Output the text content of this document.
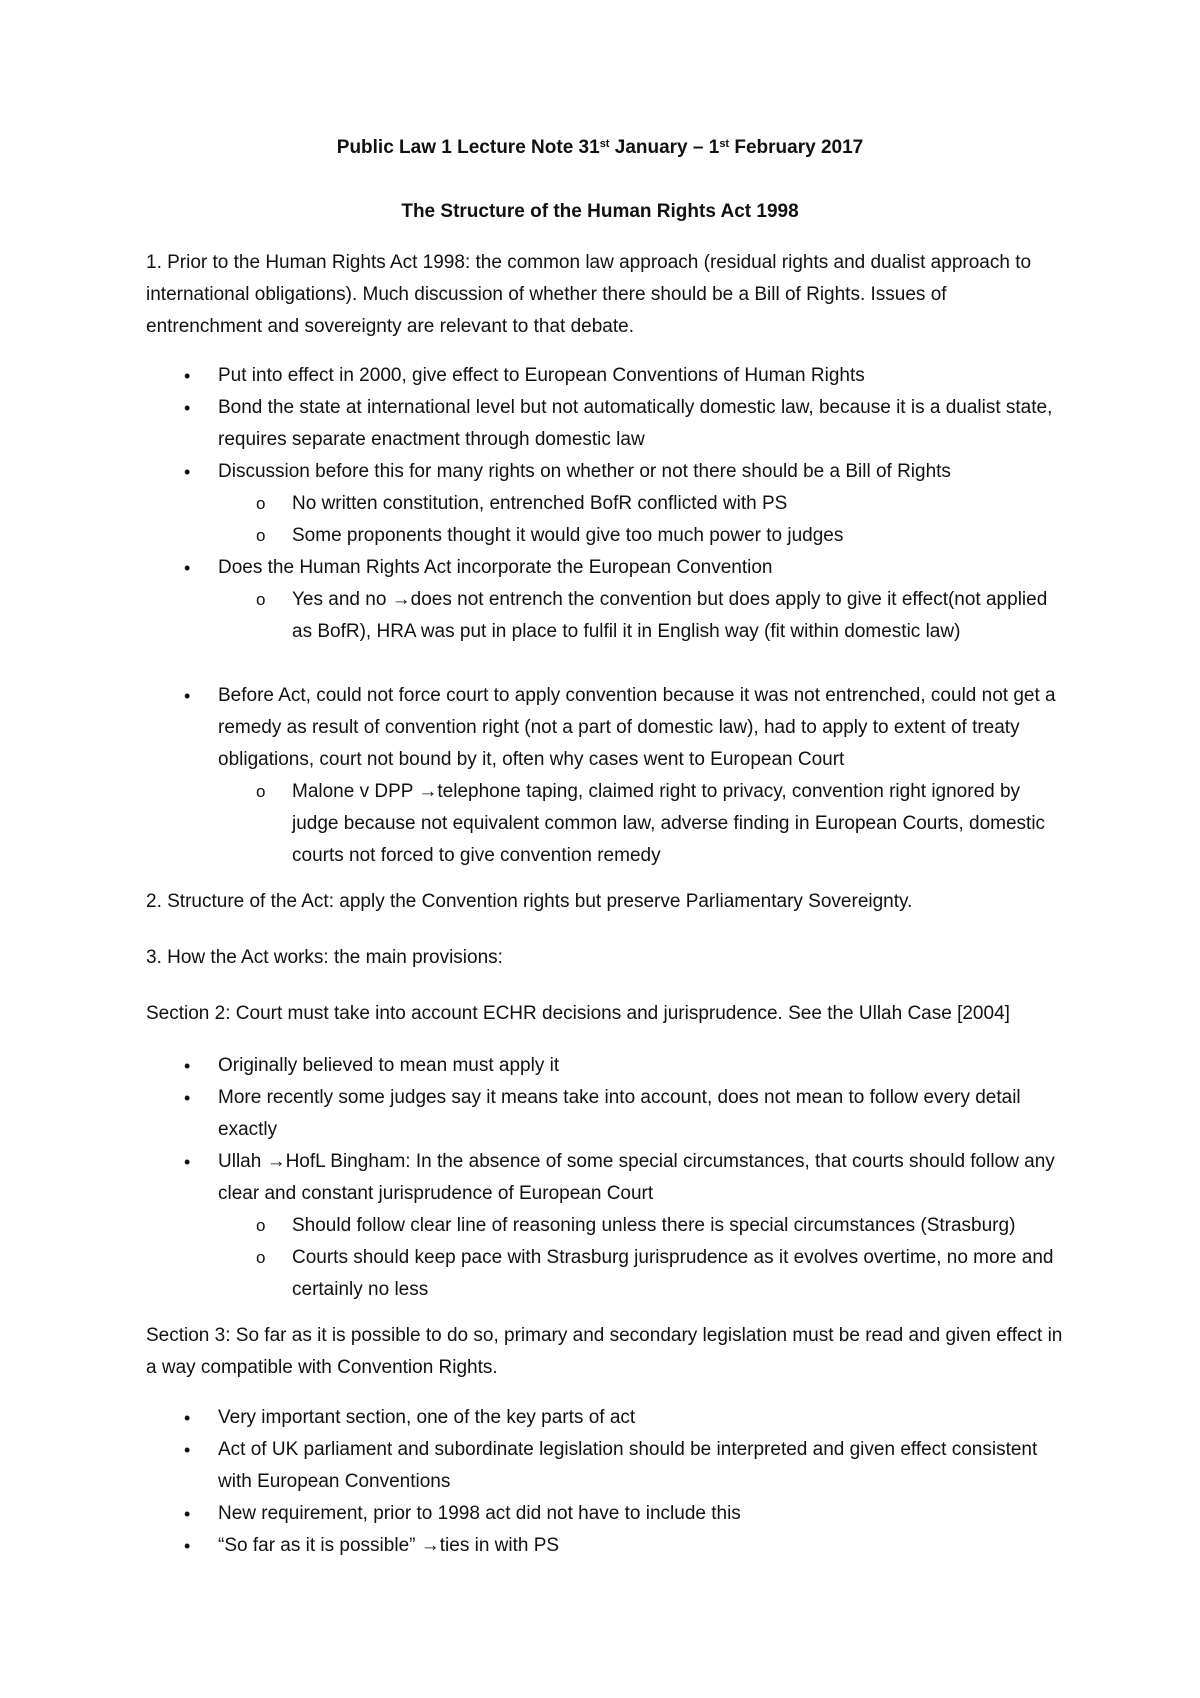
Public Law 1 Lecture Note 31st January – 1st February 2017
The Structure of the Human Rights Act 1998

1. Prior to the Human Rights Act 1998: the common law approach (residual rights and dualist approach to international obligations). Much discussion of whether there should be a Bill of Rights. Issues of entrenchment and sovereignty are relevant to that debate.

• Put into effect in 2000, give effect to European Conventions of Human Rights
• Bond the state at international level but not automatically domestic law, because it is a dualist state, requires separate enactment through domestic law
• Discussion before this for many rights on whether or not there should be a Bill of Rights
o No written constitution, entrenched BofR conflicted with PS
o Some proponents thought it would give too much power to judges
• Does the Human Rights Act incorporate the European Convention
o Yes and no →does not entrench the convention but does apply to give it effect(not applied as BofR), HRA was put in place to fulfil it in English way (fit within domestic law)
• Before Act, could not force court to apply convention because it was not entrenched, could not get a remedy as result of convention right (not a part of domestic law), had to apply to extent of treaty obligations, court not bound by it, often why cases went to European Court
o Malone v DPP →telephone taping, claimed right to privacy, convention right ignored by judge because not equivalent common law, adverse finding in European Courts, domestic courts not forced to give convention remedy

2. Structure of the Act: apply the Convention rights but preserve Parliamentary Sovereignty.

3. How the Act works: the main provisions:

Section 2: Court must take into account ECHR decisions and jurisprudence. See the Ullah Case [2004]

• Originally believed to mean must apply it
• More recently some judges say it means take into account, does not mean to follow every detail exactly
• Ullah →HofL Bingham: In the absence of some special circumstances, that courts should follow any clear and constant jurisprudence of European Court
o Should follow clear line of reasoning unless there is special circumstances (Strasburg)
o Courts should keep pace with Strasburg jurisprudence as it evolves overtime, no more and certainly no less

Section 3: So far as it is possible to do so, primary and secondary legislation must be read and given effect in a way compatible with Convention Rights.

• Very important section, one of the key parts of act
• Act of UK parliament and subordinate legislation should be interpreted and given effect consistent with European Conventions
• New requirement, prior to 1998 act did not have to include this
• “So far as it is possible” →ties in with PS
